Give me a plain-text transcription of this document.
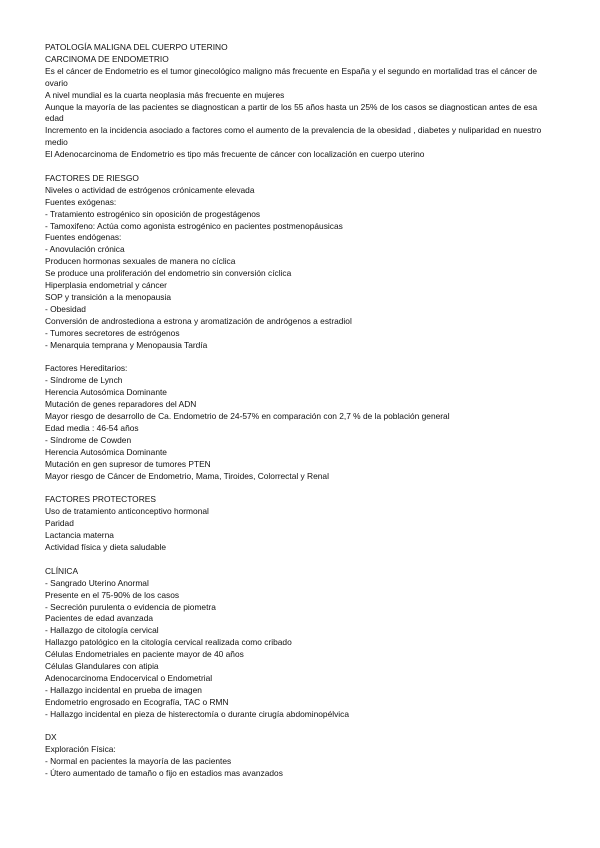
PATOLOGÍA MALIGNA DEL CUERPO UTERINO
CARCINOMA DE ENDOMETRIO
Es el cáncer de Endometrio es el tumor ginecológico maligno más frecuente en España y el segundo en mortalidad tras el cáncer de ovario
A nivel mundial es la cuarta neoplasia más frecuente en mujeres
Aunque la mayoría de las pacientes se diagnostican a partir de los 55 años hasta un 25% de los casos se diagnostican antes de esa edad
Incremento en la incidencia asociado a factores como el aumento de la prevalencia de la obesidad , diabetes y nuliparidad en nuestro medio
El Adenocarcinoma de Endometrio es tipo más frecuente de cáncer con localización en cuerpo uterino
FACTORES DE RIESGO
Niveles o actividad de estrógenos crónicamente elevada
Fuentes exógenas:
- Tratamiento estrogénico sin oposición de progestágenos
- Tamoxifeno: Actúa como agonista estrogénico en pacientes postmenopáusicas
Fuentes endógenas:
- Anovulación crónica
Producen hormonas sexuales de manera no cíclica
Se produce una proliferación del endometrio sin conversión cíclica
Hiperplasia endometrial y cáncer
SOP y transición a la menopausia
- Obesidad
Conversión de androstediona a estrona y aromatización de andrógenos a estradiol
- Tumores secretores de estrógenos
- Menarquia temprana y Menopausia Tardía
Factores Hereditarios:
- Síndrome de Lynch
Herencia Autosómica Dominante
Mutación de genes reparadores del ADN
Mayor riesgo de desarrollo de Ca. Endometrio de 24-57% en comparación con 2,7 % de la población general
Edad media : 46-54 años
- Síndrome de Cowden
Herencia Autosómica Dominante
Mutación en gen supresor de tumores PTEN
Mayor riesgo de Cáncer de Endometrio, Mama, Tiroides, Colorrectal y Renal
FACTORES PROTECTORES
Uso de tratamiento anticonceptivo hormonal
Paridad
Lactancia materna
Actividad física y dieta saludable
CLÍNICA
- Sangrado Uterino Anormal
Presente en el 75-90% de los casos
- Secreción purulenta o evidencia de piometra
Pacientes de edad avanzada
- Hallazgo de citología cervical
Hallazgo patológico en la citología cervical realizada como cribado
Células Endometriales en paciente mayor de 40 años
Células Glandulares con atipia
Adenocarcinoma Endocervical o Endometrial
- Hallazgo incidental en prueba de imagen
Endometrio engrosado en Ecografía, TAC o RMN
- Hallazgo incidental en pieza de histerectomía o durante cirugía abdominopélvica
DX
Exploración Física:
- Normal en pacientes la mayoría de las pacientes
- Útero aumentado de tamaño o fijo en estadios mas avanzados
